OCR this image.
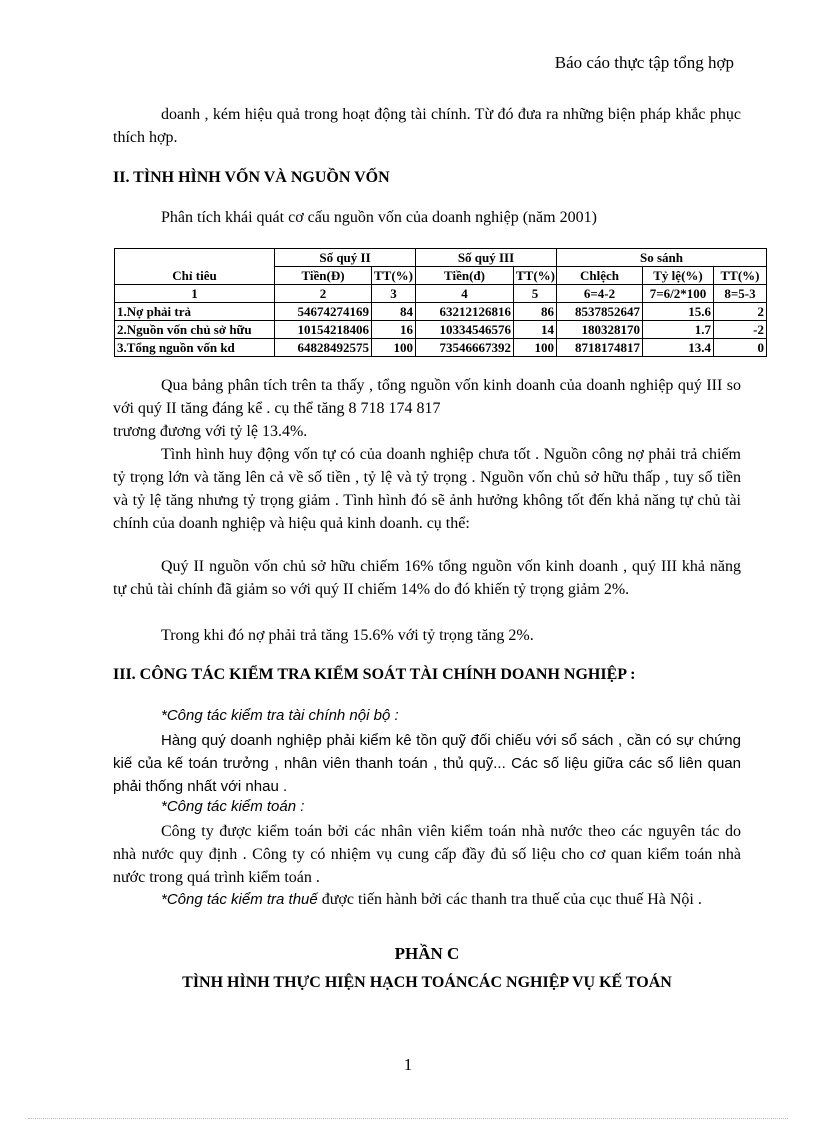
Báo cáo thực tập tổng hợp
doanh , kém hiệu quả trong hoạt động tài chính. Từ đó đưa ra những biện pháp khắc phục thích hợp.
II. TÌNH HÌNH VỐN VÀ NGUỒN VỐN
Phân tích khái quát cơ cấu nguồn vốn của doanh nghiệp (năm 2001)
Chỉ tiêu	Số quý II		Số quý III		So sánh		
	Tiền(Đ)	TT(%)	Tiền(đ)	TT(%)	Chlệch	Tỷ lệ(%)	TT(%)
1	2	3	4	5	6=4-2	7=6/2*100	8=5-3
1.Nợ phải trả	54674274169	84	63212126816	86	8537852647	15.6	2
2.Nguồn vốn chủ sở hữu	10154218406	16	10334546576	14	180328170	1.7	-2
3.Tổng nguồn vốn kd	64828492575	100	73546667392	100	8718174817	13.4	0
Qua bảng phân tích trên ta thấy , tổng nguồn vốn kinh doanh của doanh nghiệp quý III so với quý II tăng đáng kể . cụ thể tăng 8 718 174 817
trương đương với tỷ lệ 13.4%.
Tình hình huy động vốn tự có của doanh nghiệp chưa tốt . Nguồn công nợ phải trả chiếm tỷ trọng lớn và tăng lên cả về số tiền , tỷ lệ và tỷ trọng . Nguồn vốn chủ sở hữu thấp , tuy số tiền và tỷ lệ tăng nhưng tỷ trọng giảm . Tình hình đó sẽ ảnh hưởng không tốt đến khả năng tự chủ tài chính của doanh nghiệp và hiệu quả kinh doanh. cụ thể:
Quý II nguồn vốn chủ sở hữu chiếm 16% tổng nguồn vốn kinh doanh , quý III khả năng tự chủ tài chính đã giảm so với quý II chiếm 14% do đó khiến tỷ trọng giảm 2%.
Trong khi đó nợ phải trả tăng 15.6% với tỷ trọng tăng 2%.
III. CÔNG TÁC KIỂM TRA KIỂM SOÁT TÀI CHÍNH DOANH NGHIỆP :
*Công tác kiểm tra tài chính nội bộ :
Hàng quý doanh nghiệp phải kiểm kê tồn quỹ đối chiếu với sổ sách , cần có sự chứng kiế của kế toán trưởng , nhân viên thanh toán , thủ quỹ... Các số liệu giữa các sổ liên quan phải thống nhất với nhau .
*Công tác kiểm toán :
Công ty được kiểm toán bởi các nhân viên kiểm toán nhà nước theo các nguyên tác do nhà nước quy định . Công ty có nhiệm vụ cung cấp đầy đủ số liệu cho cơ quan kiểm toán nhà nước trong quá trình kiểm toán .
*Công tác kiểm tra thuế được tiến hành bởi các thanh tra thuế của cục thuế Hà Nội .
PHẦN C
TÌNH HÌNH THỰC HIỆN HẠCH TOÁNCÁC NGHIỆP VỤ KẾ TOÁN
1
